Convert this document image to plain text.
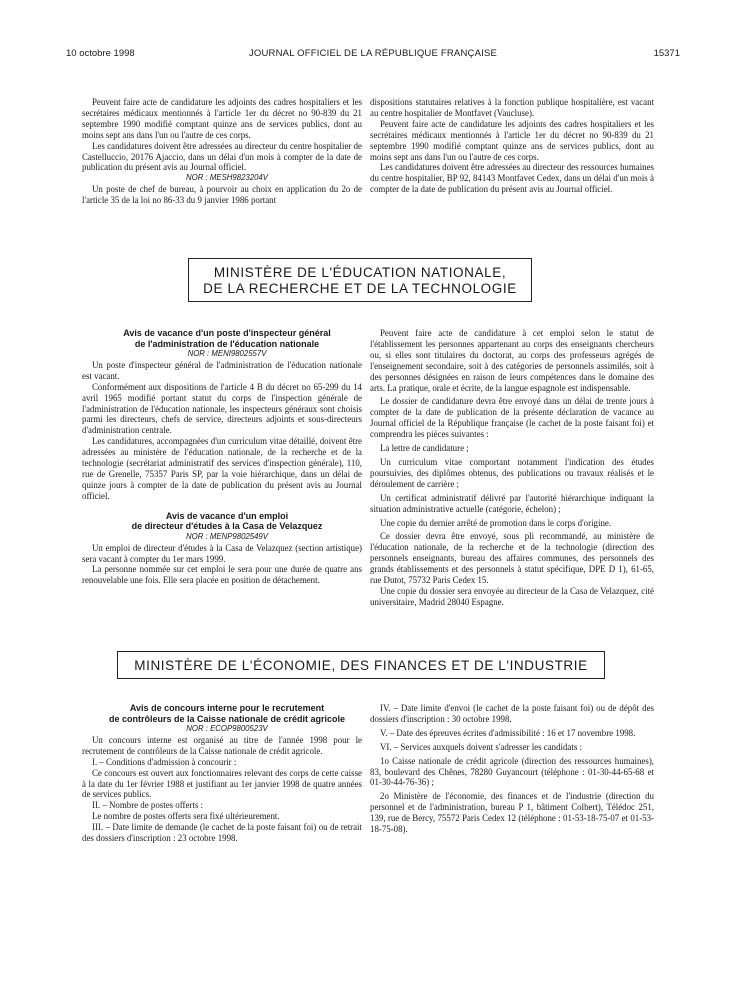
10 octobre 1998	JOURNAL OFFICIEL DE LA RÉPUBLIQUE FRANÇAISE	15371

Peuvent faire acte de candidature les adjoints des cadres hospitaliers et les secrétaires médicaux mentionnés à l'article 1er du décret no 90-839 du 21 septembre 1990 modifié comptant quinze ans de services publics, dont au moins sept ans dans l'un ou l'autre de ces corps.

Les candidatures doivent être adressées au directeur du centre hospitalier de Castelluccio, 20176 Ajaccio, dans un délai d'un mois à compter de la date de publication du présent avis au Journal officiel.

NOR : MESH9823204V

Un poste de chef de bureau, à pourvoir au choix en application du 2o de l'article 35 de la loi no 86-33 du 9 janvier 1986 portant

dispositions statutaires relatives à la fonction publique hospitalière, est vacant au centre hospitalier de Montfavet (Vaucluse).

Peuvent faire acte de candidature les adjoints des cadres hospitaliers et les secrétaires médicaux mentionnés à l'article 1er du décret no 90-839 du 21 septembre 1990 modifié comptant quinze ans de services publics, dont au moins sept ans dans l'un ou l'autre de ces corps.

Les candidatures doivent être adressées au directeur des ressources humaines du centre hospitalier, BP 92, 84143 Montfavet Cedex, dans un délai d'un mois à compter de la date de publication du présent avis au Journal officiel.

MINISTÈRE DE L'ÉDUCATION NATIONALE,
DE LA RECHERCHE ET DE LA TECHNOLOGIE

Avis de vacance d'un poste d'inspecteur général

de l'administration de l'éducation nationale

NOR : MENI9802557V

Un poste d'inspecteur général de l'administration de l'éducation nationale est vacant.

Conformément aux dispositions de l'article 4 B du décret no 65-299 du 14 avril 1965 modifié portant statut du corps de l'inspection générale de l'administration de l'éducation nationale, les inspecteurs généraux sont choisis parmi les directeurs, chefs de service, directeurs adjoints et sous-directeurs d'administration centrale.

Les candidatures, accompagnées d'un curriculum vitae détaillé, doivent être adressées au ministère de l'éducation nationale, de la recherche et de la technologie (secrétariat administratif des services d'inspection générale), 110, rue de Grenelle, 75357 Paris SP, par la voie hiérarchique, dans un délai de quinze jours à compter de la date de publication du présent avis au Journal officiel.

Avis de vacance d'un emploi

de directeur d'études à la Casa de Velazquez

NOR : MENP9802549V

Un emploi de directeur d'études à la Casa de Velazquez (section artistique) sera vacant à compter du 1er mars 1999.

La personne nommée sur cet emploi le sera pour une durée de quatre ans renouvelable une fois. Elle sera placée en position de détachement.

Peuvent faire acte de candidature à cet emploi selon le statut de l'établissement les personnes appartenant au corps des enseignants chercheurs ou, si elles sont titulaires du doctorat, au corps des professeurs agrégés de l'enseignement secondaire, soit à des catégories de personnels assimilés, soit à des personnes désignées en raison de leurs compétences dans le domaine des arts. La pratique, orale et écrite, de la langue espagnole est indispensable.

Le dossier de candidature devra être envoyé dans un délai de trente jours à compter de la date de publication de la présente déclaration de vacance au Journal officiel de la République française (le cachet de la poste faisant foi) et comprendra les pièces suivantes :

La lettre de candidature ;

Un curriculum vitae comportant notamment l'indication des études poursuivies, des diplômes obtenus, des publications ou travaux réalisés et le déroulement de carrière ;

Un certificat administratif délivré par l'autorité hiérarchique indiquant la situation administrative actuelle (catégorie, échelon) ;

Une copie du dernier arrêté de promotion dans le corps d'origine.

Ce dossier devra être envoyé, sous pli recommandé, au ministère de l'éducation nationale, de la recherche et de la technologie (direction des personnels enseignants, bureau des affaires communes, des personnels des grands établissements et des personnels à statut spécifique, DPE D 1), 61-65, rue Dutot, 75732 Paris Cedex 15.

Une copie du dossier sera envoyée au directeur de la Casa de Velazquez, cité universitaire, Madrid 28040 Espagne.

MINISTÈRE DE L'ÉCONOMIE, DES FINANCES ET DE L'INDUSTRIE

Avis de concours interne pour le recrutement

de contrôleurs de la Caisse nationale de crédit agricole

NOR : ECOP9800523V

Un concours interne est organisé au titre de l'année 1998 pour le recrutement de contrôleurs de la Caisse nationale de crédit agricole.

I. – Conditions d'admission à concourir :

Ce concours est ouvert aux fonctionnaires relevant des corps de cette caisse à la date du 1er février 1988 et justifiant au 1er janvier 1998 de quatre années de services publics.

II. – Nombre de postes offerts :

Le nombre de postes offerts sera fixé ultérieurement.

III. – Date limite de demande (le cachet de la poste faisant foi) ou de retrait des dossiers d'inscription : 23 octobre 1998.

IV. – Date limite d'envoi (le cachet de la poste faisant foi) ou de dépôt des dossiers d'inscription : 30 octobre 1998.

V. – Date des épreuves écrites d'admissibilité : 16 et 17 novembre 1998.

VI. – Services auxquels doivent s'adresser les candidats :

1o Caisse nationale de crédit agricole (direction des ressources humaines), 83, boulevard des Chênes, 78280 Guyancourt (téléphone : 01-30-44-65-68 et 01-30-44-76-36) ;

2o Ministère de l'économie, des finances et de l'industrie (direction du personnel et de l'administration, bureau P 1, bâtiment Colbert), Télédoc 251, 139, rue de Bercy, 75572 Paris Cedex 12 (téléphone : 01-53-18-75-07 et 01-53-18-75-08).
